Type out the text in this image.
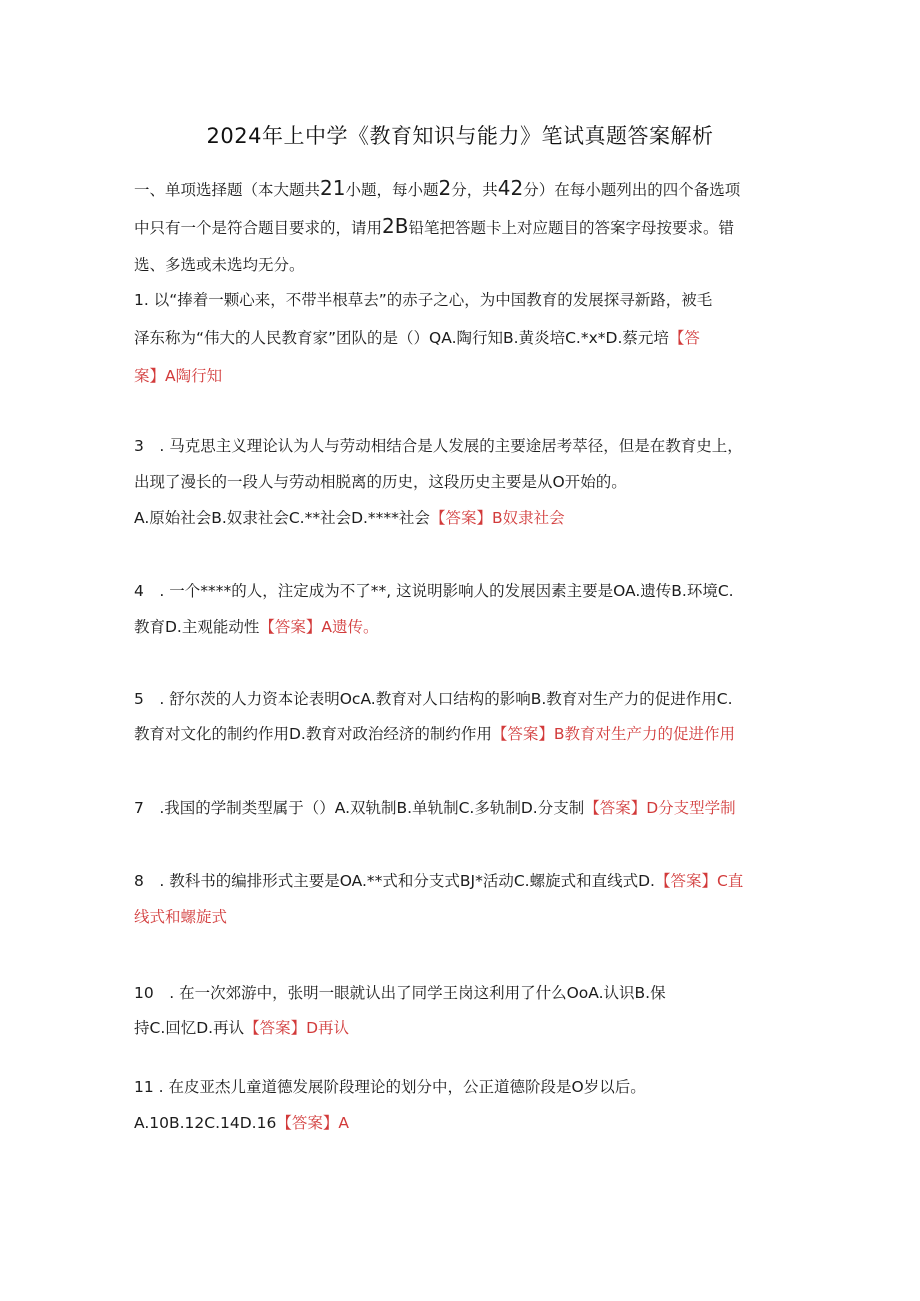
2024年上中学《教育知识与能力》笔试真题答案解析
一、单项选择题（本大题共21小题，每小题2分，共42分）在每小题列出的四个备选项
中只有一个是符合题目要求的，请用2B铅笔把答题卡上对应题目的答案字母按要求。错
选、多选或未选均无分。
1. 以“捧着一颗心来，不带半根草去”的赤子之心，为中国教育的发展探寻新路，被毛
泽东称为“伟大的人民教育家”团队的是（）QA.陶行知B.黄炎培C.*x*D.蔡元培【答
案】A陶行知
3　. 马克思主义理论认为人与劳动相结合是人发展的主要途居考萃径，但是在教育史上，
出现了漫长的一段人与劳动相脱离的历史，这段历史主要是从O开始的。
A.原始社会B.奴隶社会C.**社会D.****社会【答案】B奴隶社会
4　. 一个****的人，注定成为不了**, 这说明影响人的发展因素主要是OA.遗传B.环境C.
教育D.主观能动性【答案】A遗传。
5　. 舒尔茨的人力资本论表明OcA.教育对人口结构的影响B.教育对生产力的促进作用C.
教育对文化的制约作用D.教育对政治经济的制约作用【答案】B教育对生产力的促进作用
7　.我国的学制类型属于（）A.双轨制B.单轨制C.多轨制D.分支制【答案】D分支型学制
8　. 教科书的编排形式主要是OA.**式和分支式BJ*活动C.螺旋式和直线式D.【答案】C直
线式和螺旋式
10　. 在一次郊游中，张明一眼就认出了同学王岗这利用了什么OoA.认识B.保
持C.回忆D.再认【答案】D再认
11 . 在皮亚杰儿童道德发展阶段理论的划分中，公正道德阶段是O岁以后。
A.10B.12C.14D.16【答案】A
